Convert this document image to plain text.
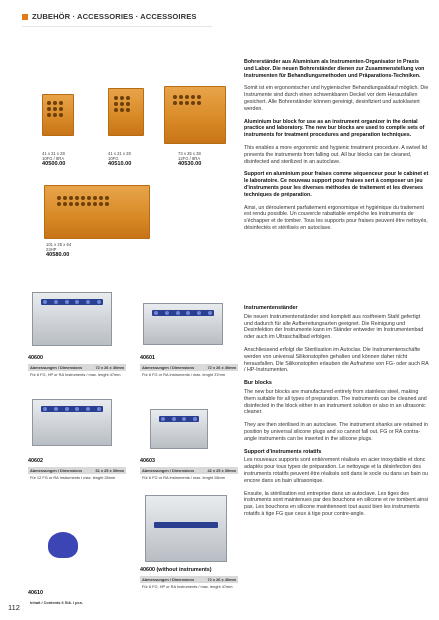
ZUBEHÖR · ACCESSORIES · ACCESSOIRES
41 x 21 x 28
10FG / 8RA
40500.00
41 x 21 x 28
10FG
40510.00
73 x 25 x 38
12FG / 8RA
40530.00
101 x 25 x 64
23HP
40580.00

Bohrerständer aus Aluminium als Instrumenten-Organisator in Praxis und Labor. Die neuen Bohrerständer dienen zur Zusammenstellung von Instrumenten für Behandlungsmethoden und Präparations-Techniken.

Somit ist ein ergonomischer und hygienischer Behandlungsablauf möglich. Die Instrumente sind durch einen schwenkbaren Deckel vor dem Herausfallen gesichert. Alle Bohrerständer können gereinigt, desinfiziert und autoklaviert werden.

Aluminium bur block for use as an instrument organizer in the dental practice and laboratory. The new bur blocks are used to compile sets of instruments for treatment procedures and preparation techniques.

This enables a more ergonomic and hygienic treatment procedure. A swivel lid prevents the instruments from falling out. All bur blocks can be cleaned, disinfected and sterilized in an autoclave.

Support en aluminium pour fraises comme séquenceur pour le cabinet et le laboratoire. Ce nouveau support pour fraises sert à composer un jeu d'instruments pour les diverses méthodes de traitement et les diverses techniques de préparation.

Ainsi, un déroulement parfaitement ergonomique et hygiénique du traitement est rendu possible. Un couvercle rabattable empêche les instruments de s'échapper et de tomber. Tous les supports pour fraises peuvent être nettoyés, désinfectés et stérilisés en autoclave.

40600
Abmessungen / Dimensions	72 x 26 x 40mm
Für 6 FG, HP or RA Instruments / max. lenght 47mm
40601
Abmessungen / Dimensions	72 x 26 x 40mm
Für 6 FG or RA Instruments / max. lenght 37mm
40602
Abmessungen / Dimensions	61 x 25 x 30mm
Für 12 FG or RA Instruments / max. lenght 28mm
40603
Abmessungen / Dimensions	42 x 25 x 30mm
Für 6 FG or RA Instruments / max. lenght 28mm
40610
Inhalt / Contents 6 Stk. / pcs.
40600 (without instruments)
Abmessungen / Dimensions	72 x 26 x 40mm
Für 6 FG, HP or RA Instruments / max. lenght 47mm
Instrumentenständer

Die neuen Instrumentenständer sind komplett aus rostfreiem Stahl gefertigt und dadurch für alle Aufbereitungsarten geeignet. Die Reinigung und Desinfektion der Instrumente kann im Ständer entweder im Instrumentenbad oder auch im Ultraschallbad erfolgen.

Anschliessend erfolgt die Sterilisation im Autoclav. Die Instrumentenschäfte werden von universal Silikonstopfen gehalten und können daher nicht herausfallen. Die Silikonstopfen erlauben die Aufnahme von FG- oder auch RA / HP-Instrumenten.

Bur blocks

The new bur blocks are manufactured entirely from stainless steel, making them suitable for all types of preparation. The instruments can be cleaned and disinfected in the block either in an instrument solution or also in an ultrasonic cleaner.

They are then sterilised in an autoclave. The instrument shanks are retained in position by universal silicone plugs and so cannot fall out. FG or RA contra-angle instruments can be inserted in the silicone plugs.

Support d'instruments rotatifs

Les nouveaux supports sont entièrement réalisés en acier inoxydable et donc adaptés pour tous types de préparation. Le nettoyage et la désinfection des instruments rotatifs peuvent être réalisés soit dans le socle ou dans un bain ou encore dans un bain ultrasonique.

Ensuite, la stérilisation est entreprise dans un autoclave. Les tiges des instruments sont maintenues par des bouchons en silicone et ne tombent ainsi pas. Les bouchons en silicone maintiennent tout aussi bien les instruments rotatifs à tige FG que ceux à tige pour contre-angle.

112
